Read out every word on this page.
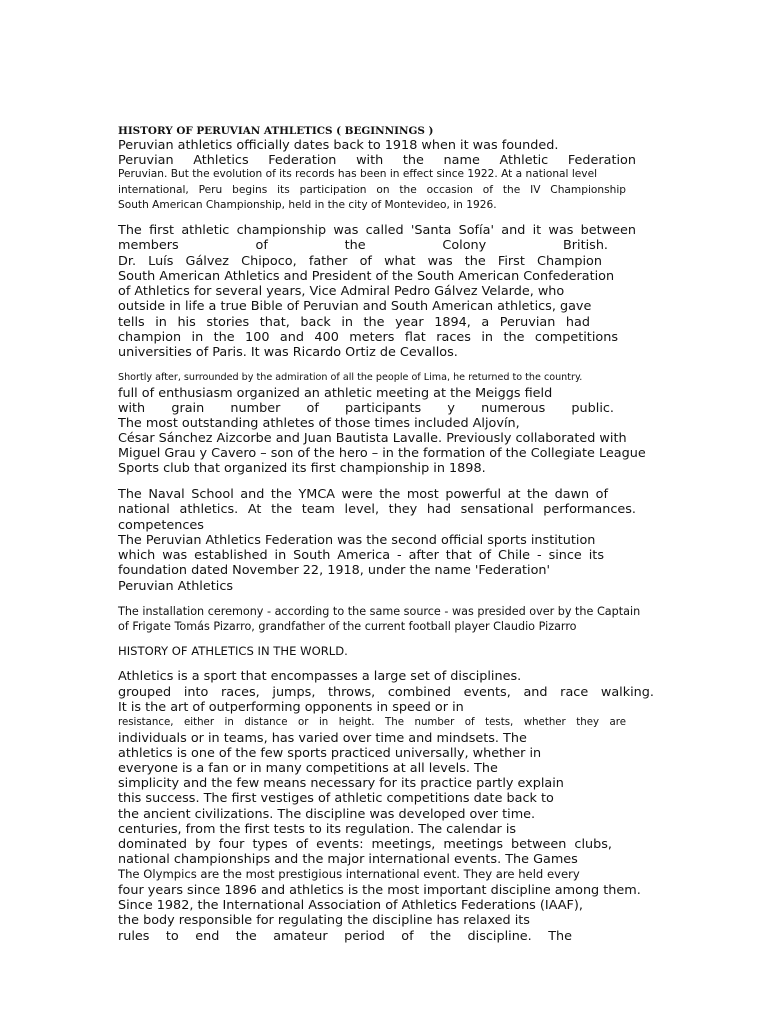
HISTORY OF PERUVIAN ATHLETICS ( BEGINNINGS )
Peruvian athletics officially dates back to 1918 when it was founded.
Peruvian Athletics Federation with the name Athletic Federation
Peruvian. But the evolution of its records has been in effect since 1922. At a national level
international, Peru begins its participation on the occasion of the IV Championship
South American Championship, held in the city of Montevideo, in 1926.
The first athletic championship was called 'Santa Sofía' and it was between
members of the Colony British.
Dr. Luís Gálvez Chipoco, father of what was the First Champion
South American Athletics and President of the South American Confederation
of Athletics for several years, Vice Admiral Pedro Gálvez Velarde, who
outside in life a true Bible of Peruvian and South American athletics, gave
tells in his stories that, back in the year 1894, a Peruvian had
champion in the 100 and 400 meters flat races in the competitions
universities of Paris. It was Ricardo Ortiz de Cevallos.
Shortly after, surrounded by the admiration of all the people of Lima, he returned to the country.
full of enthusiasm organized an athletic meeting at the Meiggs field
with grain number of participants y numerous public.
The most outstanding athletes of those times included Aljovín,
César Sánchez Aizcorbe and Juan Bautista Lavalle. Previously collaborated with
Miguel Grau y Cavero – son of the hero – in the formation of the Collegiate League
Sports club that organized its first championship in 1898.
The Naval School and the YMCA were the most powerful at the dawn of
national athletics. At the team level, they had sensational performances.
competences
The Peruvian Athletics Federation was the second official sports institution
which was established in South America - after that of Chile - since its
foundation dated November 22, 1918, under the name 'Federation'
Peruvian Athletics
The installation ceremony - according to the same source - was presided over by the Captain
of Frigate Tomás Pizarro, grandfather of the current football player Claudio Pizarro
HISTORY OF ATHLETICS IN THE WORLD.
Athletics is a sport that encompasses a large set of disciplines.
grouped into races, jumps, throws, combined events, and race walking.
It is the art of outperforming opponents in speed or in
resistance, either in distance or in height. The number of tests, whether they are
individuals or in teams, has varied over time and mindsets. The
athletics is one of the few sports practiced universally, whether in
everyone is a fan or in many competitions at all levels. The
simplicity and the few means necessary for its practice partly explain
this success. The first vestiges of athletic competitions date back to
the ancient civilizations. The discipline was developed over time.
centuries, from the first tests to its regulation. The calendar is
dominated by four types of events: meetings, meetings between clubs,
national championships and the major international events. The Games
The Olympics are the most prestigious international event. They are held every
four years since 1896 and athletics is the most important discipline among them.
Since 1982, the International Association of Athletics Federations (IAAF),
the body responsible for regulating the discipline has relaxed its
rules to end the amateur period of the discipline. The
